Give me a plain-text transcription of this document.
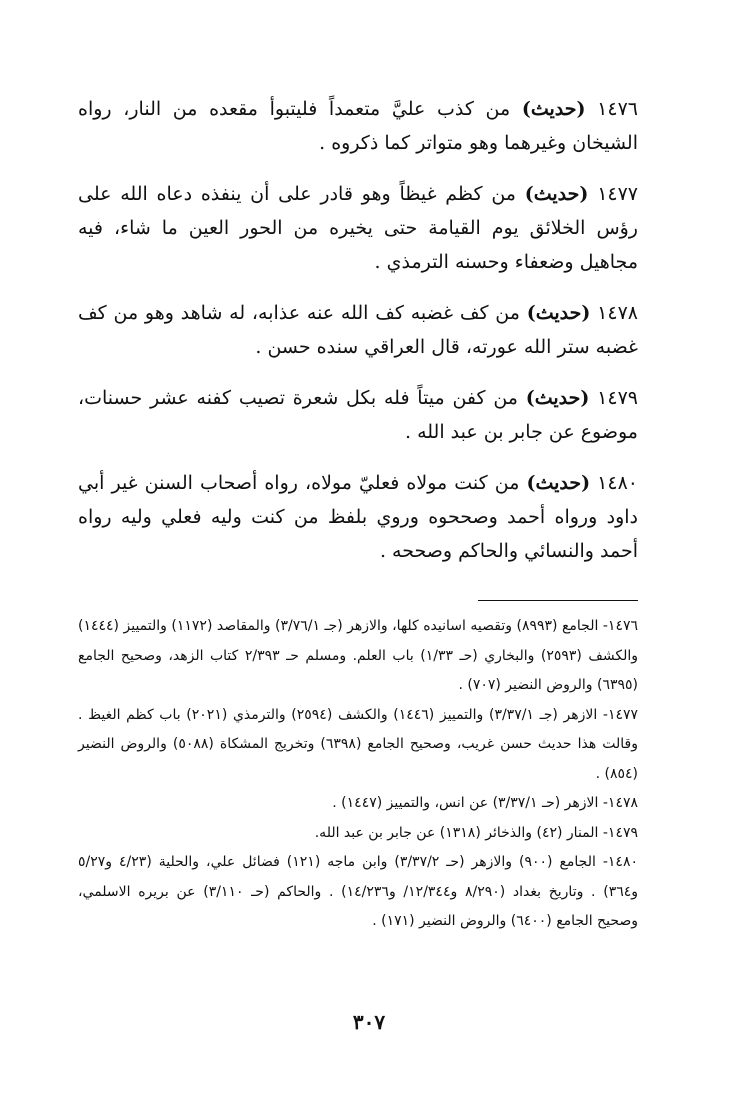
١٤٧٦ (حديث) من كذب عليَّ متعمداً فليتبوأ مقعده من النار، رواه الشيخان وغيرهما وهو متواتر كما ذكروه .

١٤٧٧ (حديث) من كظم غيظاً وهو قادر على أن ينفذه دعاه الله على رؤس الخلائق يوم القيامة حتى يخيره من الحور العين ما شاء، فيه مجاهيل وضعفاء وحسنه الترمذي .

١٤٧٨ (حديث) من كف غضبه كف الله عنه عذابه، له شاهد وهو من كف غضبه ستر الله عورته، قال العراقي سنده حسن .

١٤٧٩ (حديث) من كفن ميتاً فله بكل شعرة تصيب كفنه عشر حسنات، موضوع عن جابر بن عبد الله .

١٤٨٠ (حديث) من كنت مولاه فعليّ مولاه، رواه أصحاب السنن غير أبي داود ورواه أحمد وصححوه وروي بلفظ من كنت وليه فعلي وليه رواه أحمد والنسائي والحاكم وصححه .

١٤٧٦- الجامع (٨٩٩٣) وتقصيه اسانيده كلها، والازهر (جـ ٣/٧٦/١) والمقاصد (١١٧٢) والتمييز (١٤٤٤) والكشف (٢٥٩٣) والبخاري (حـ ١/٣٣) باب العلم. ومسلم حـ ٢/٣٩٣ كتاب الزهد، وصحيح الجامع (٦٣٩٥) والروض النضير (٧٠٧) .

١٤٧٧- الازهر (جـ ٣/٣٧/١) والتمييز (١٤٤٦) والكشف (٢٥٩٤) والترمذي (٢٠٢١) باب كظم الغيظ . وقالت هذا حديث حسن غريب، وصحيح الجامع (٦٣٩٨) وتخريج المشكاة (٥٠٨٨) والروض النضير (٨٥٤) .

١٤٧٨- الازهر (حـ ٣/٣٧/١) عن انس، والتمييز (١٤٤٧) .

١٤٧٩- المنار (٤٢) والذخائر (١٣١٨) عن جابر بن عبد الله.

١٤٨٠- الجامع (٩٠٠) والازهر (حـ ٣/٣٧/٢) وابن ماجه (١٢١) فضائل علي، والحلية (٤/٢٣ و٥/٢٧ و٣٦٤) . وتاريخ بغداد (٨/٢٩٠ و١٢/٣٤٤/ و١٤/٢٣٦) . والحاكم (حـ ٣/١١٠) عن بريره الاسلمي، وصحيح الجامع (٦٤٠٠) والروض النضير (١٧١) .

٣٠٧
